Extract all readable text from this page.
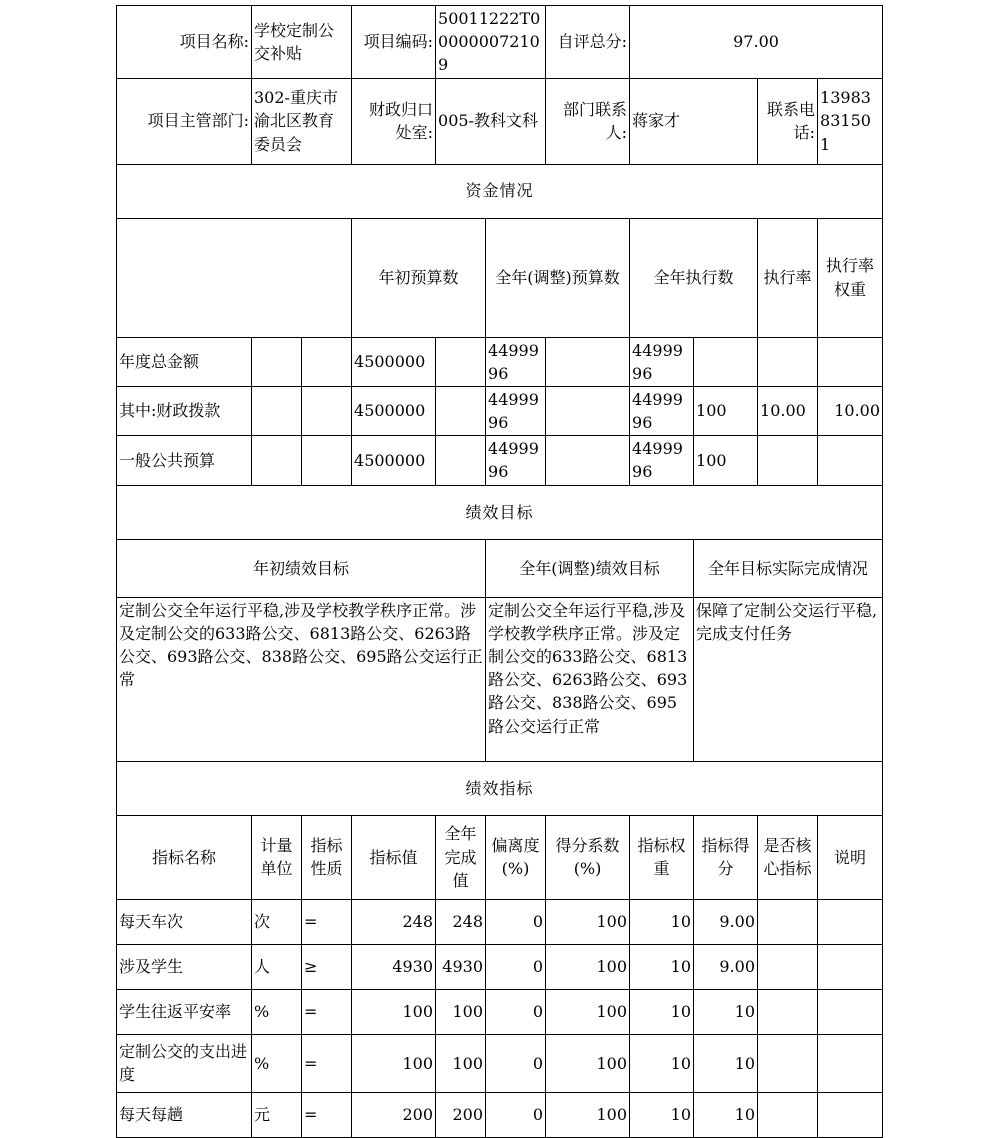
项目名称:	学校定制公交补贴		项目编码:	50011222T000000072109		自评总分:	97.00				
项目主管部门:	302-重庆市渝北区教育委员会		财政归口处室:	005-教科文科		部门联系人:	蒋家才		联系电话:	13983831501	
资金情况											
			年初预算数		全年(调整)预算数		全年执行数		执行率	执行率权重	
年度总金额			4500000		4499996		4499996				
其中:财政拨款			4500000		4499996		4499996	100	10.00	10.00	
一般公共预算			4500000		4499996		4499996	100			
绩效目标											
年初绩效目标					全年(调整)绩效目标			全年目标实际完成情况			
定制公交全年运行平稳,涉及学校教学秩序正常。涉及定制公交的633路公交、6813路公交、6263路公交、693路公交、838路公交、695路公交运行正常					定制公交全年运行平稳,涉及学校教学秩序正常。涉及定制公交的633路公交、6813路公交、6263路公交、693路公交、838路公交、695路公交运行正常			保障了定制公交运行平稳,完成支付任务			
绩效指标											
指标名称	计量单位	指标性质	指标值	全年完成值	偏离度(%)	得分系数(%)	指标权重	指标得分	是否核心指标	说明	
每天车次	次	=	248	248	0	100	10	9.00			
涉及学生	人	≥	4930	4930	0	100	10	9.00			
学生往返平安率	%	=	100	100	0	100	10	10			
定制公交的支出进度	%	=	100	100	0	100	10	10			
每天每趟	元	=	200	200	0	100	10	10			
